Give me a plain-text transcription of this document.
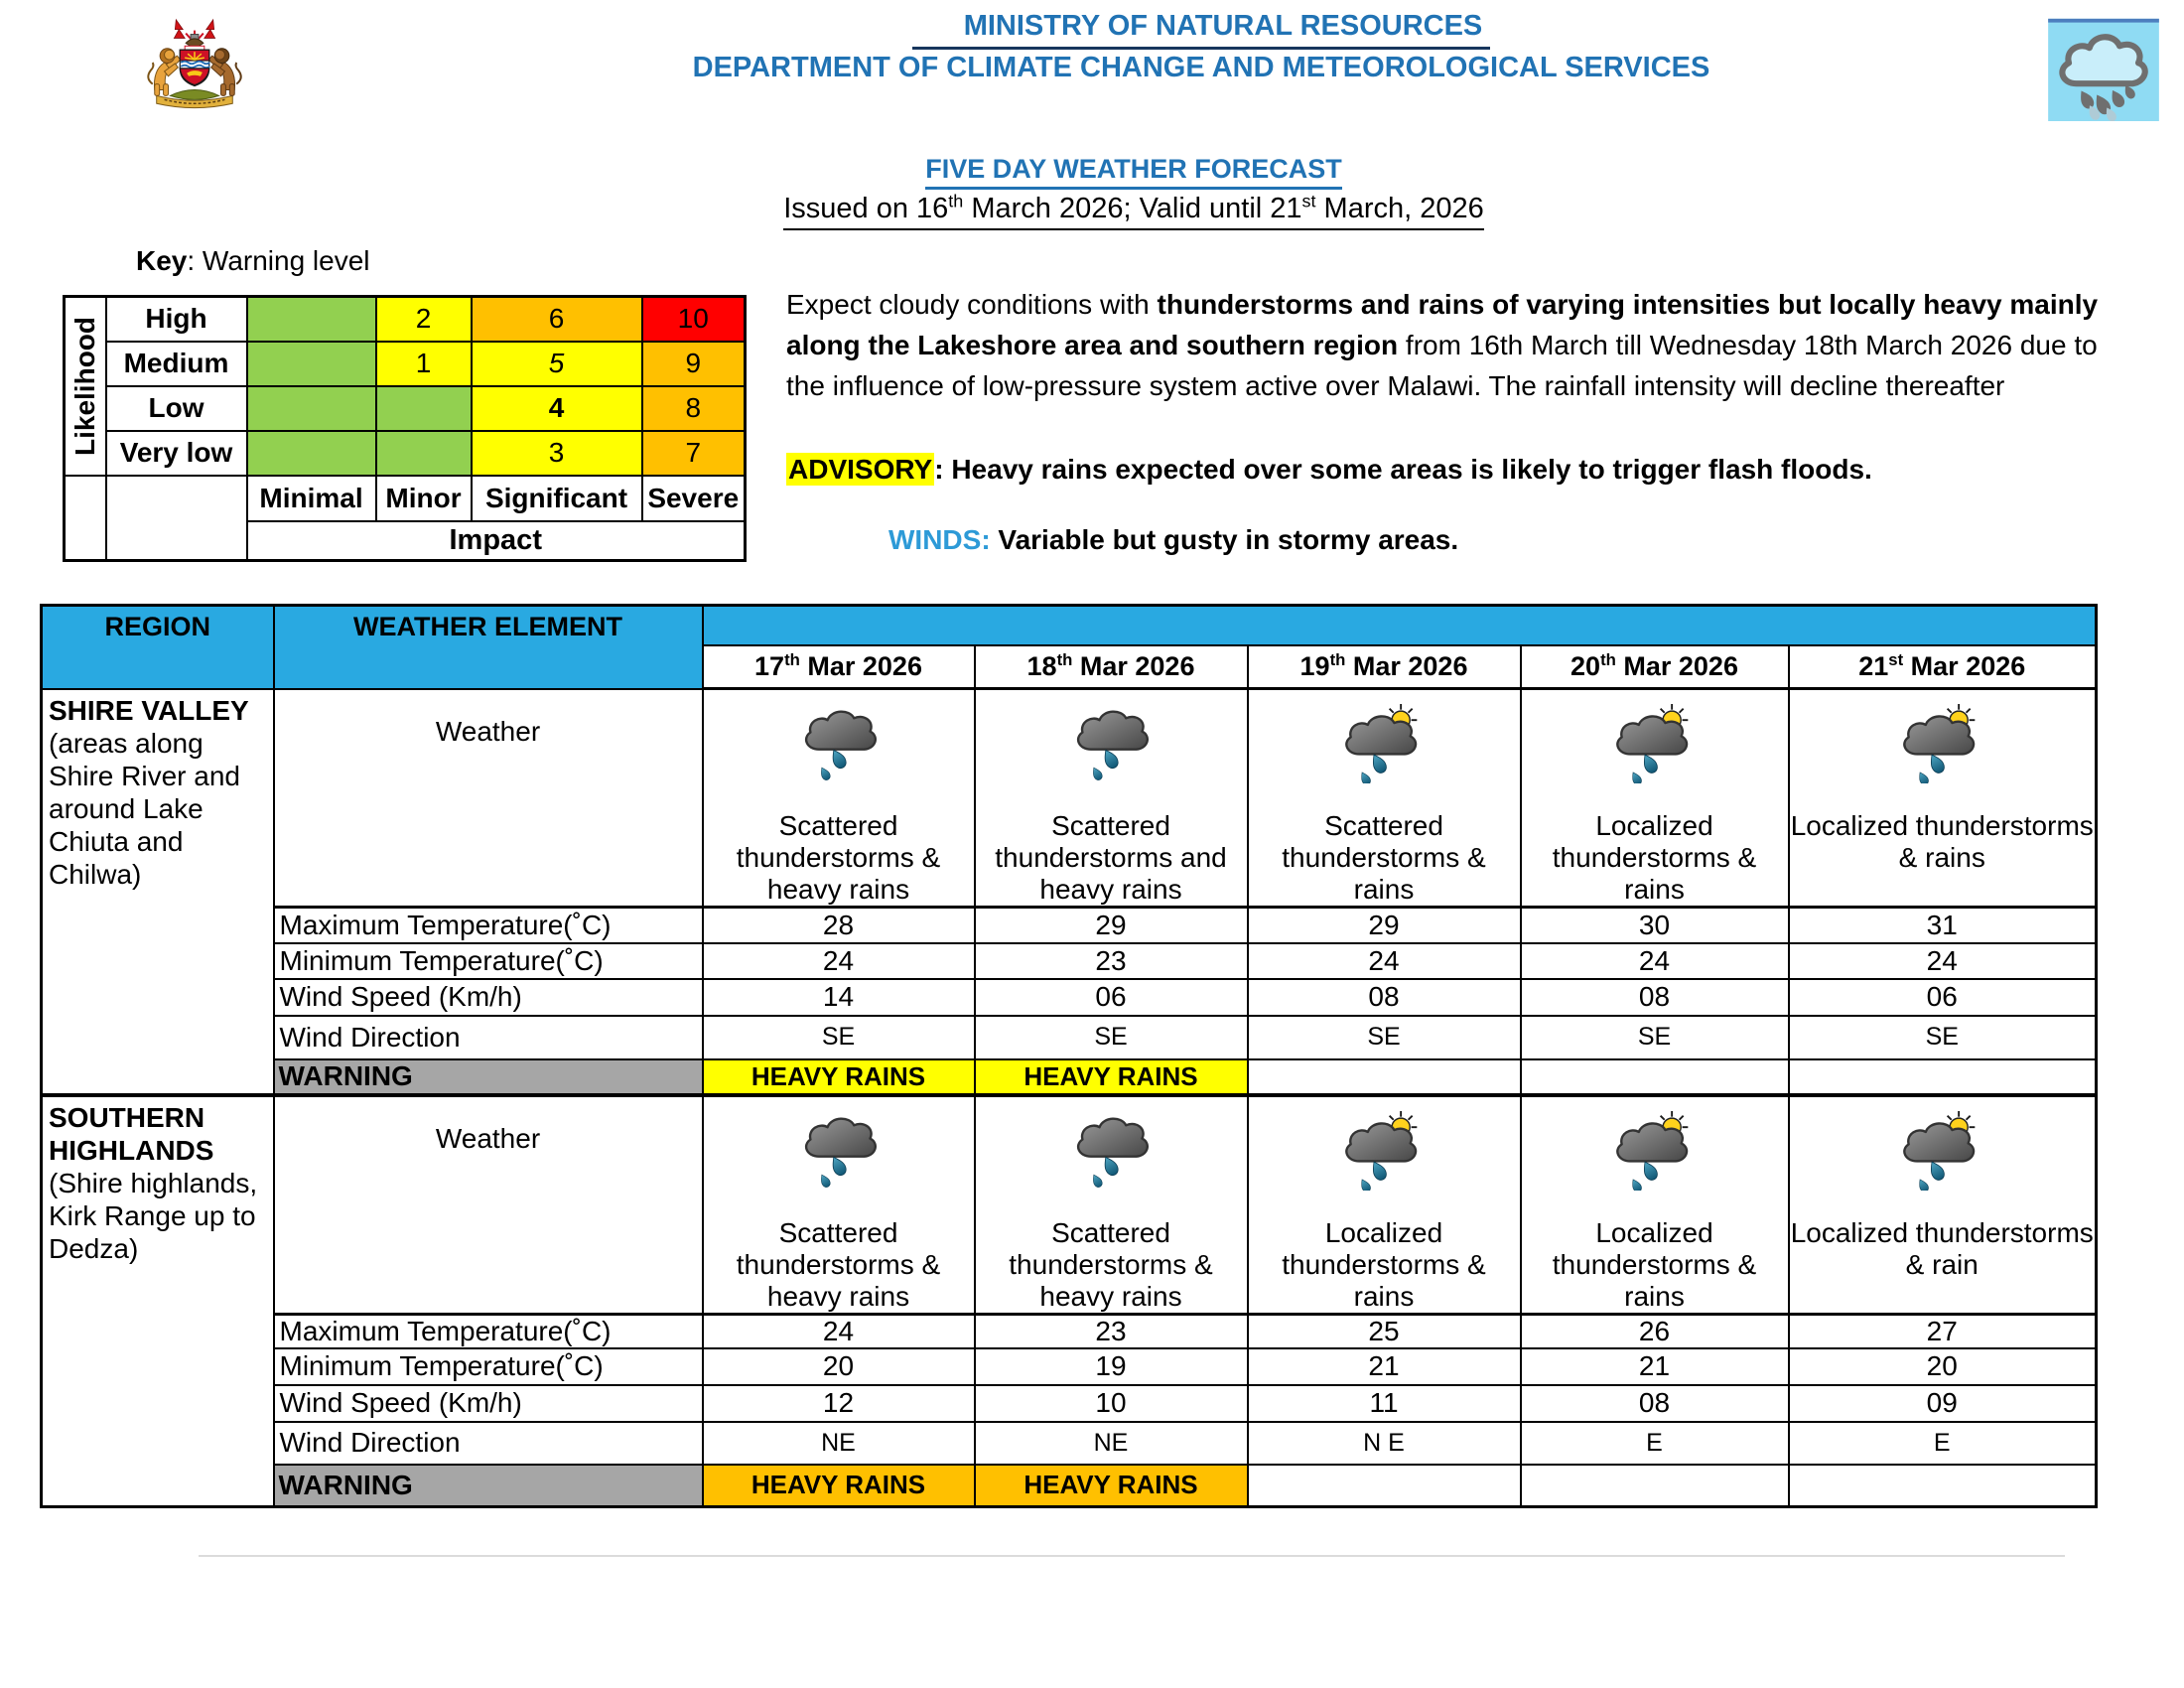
MINISTRY OF NATURAL RESOURCES
DEPARTMENT OF CLIMATE CHANGE AND METEOROLOGICAL SERVICES
FIVE DAY WEATHER FORECAST
Issued on 16th March 2026; Valid until 21st March, 2026
Key: Warning level
Likelihood	High		2	6	10
	Medium		1	5	9
	Low			4	8
	Very low			3	7
		Minimal	Minor	Significant	Severe
		Impact			
Expect cloudy conditions with thunderstorms and rains of varying intensities but locally heavy mainly along the Lakeshore area and southern region from 16th March till Wednesday 18th March 2026 due to the influence of low-pressure system active over Malawi. The rainfall intensity will decline thereafter
ADVISORY: Heavy rains expected over some areas is likely to trigger flash floods.
WINDS: Variable but gusty in stormy areas.
REGION	WEATHER ELEMENT					
		17th Mar 2026	18th Mar 2026	19th Mar 2026	20th Mar 2026	21st Mar 2026
SHIRE VALLEY
(areas along Shire River and around Lake Chiuta and Chilwa)	Weather	Scattered thunderstorms & heavy rains	Scattered thunderstorms and heavy rains	Scattered thunderstorms & rains	Localized thunderstorms & rains	Localized thunderstorms & rains

	Maximum Temperature(˚C)	28	29	29	30	31
	Minimum Temperature(˚C)	24	23	24	24	24
	Wind Speed (Km/h)	14	06	08	08	06
	Wind Direction	SE	SE	SE	SE	SE
	WARNING	HEAVY RAINS	HEAVY RAINS			
SOUTHERN HIGHLANDS
(Shire highlands, Kirk Range up to Dedza)	Weather	Scattered thunderstorms & heavy rains	Scattered thunderstorms & heavy rains	Localized thunderstorms & rains	Localized thunderstorms & rains	Localized thunderstorms & rain

	Maximum Temperature(˚C)	24	23	25	26	27
	Minimum Temperature(˚C)	20	19	21	21	20
	Wind Speed (Km/h)	12	10	11	08	09
	Wind Direction	NE	NE	N E	E	E
	WARNING	HEAVY RAINS	HEAVY RAINS			
